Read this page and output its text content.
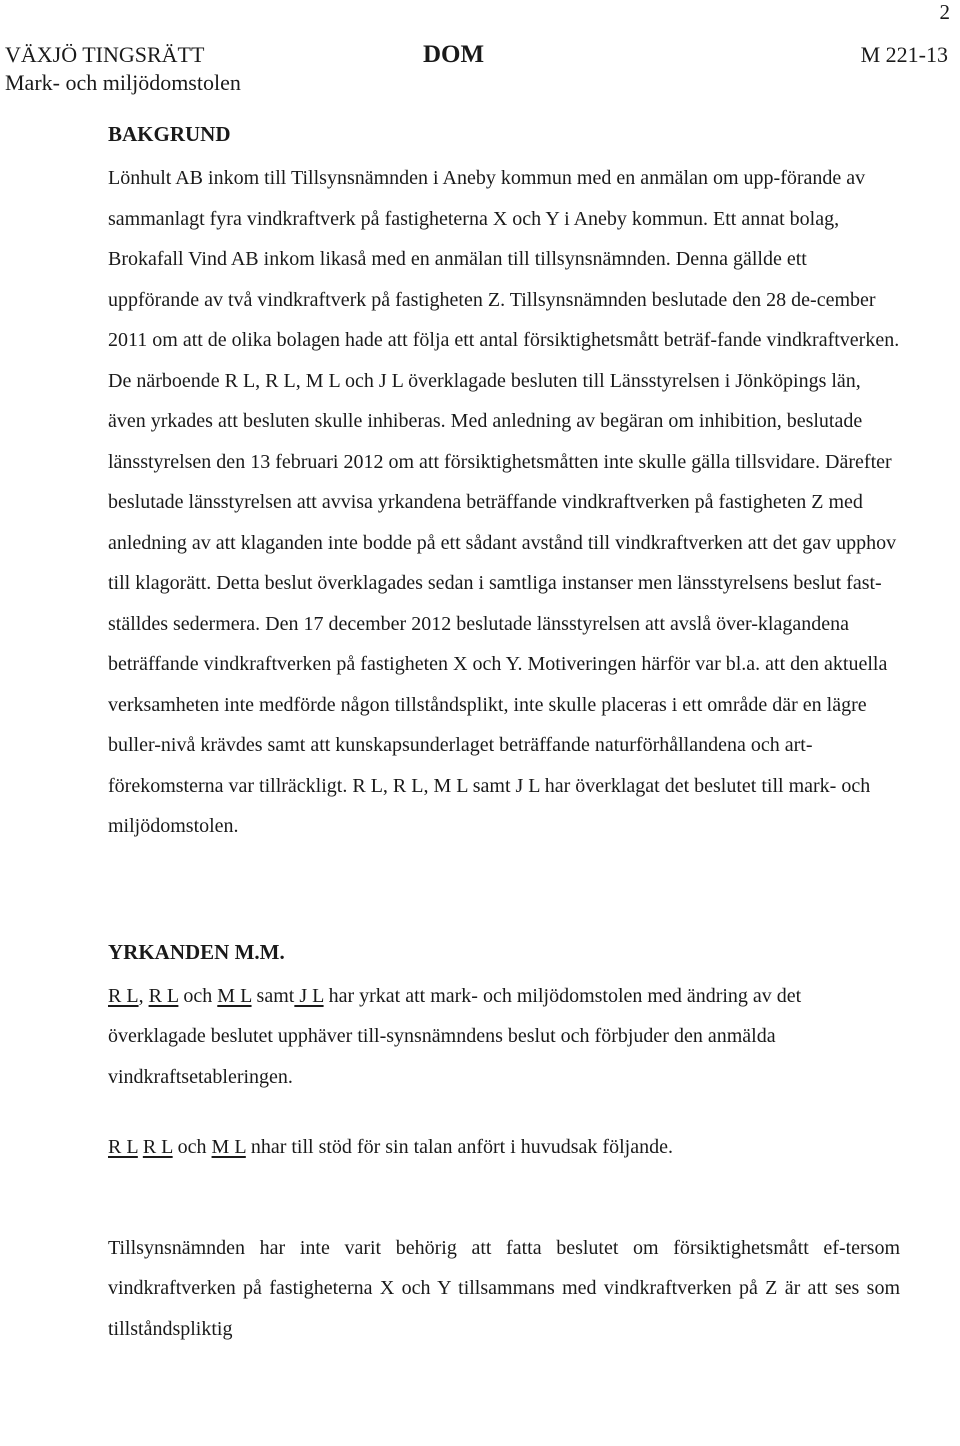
2
VÄXJÖ TINGSRÄTT
Mark- och miljödomstolen
DOM	M 221-13
BAKGRUND

Lönhult AB inkom till Tillsynsnämnden i Aneby kommun med en anmälan om upp-förande av sammanlagt fyra vindkraftverk på fastigheterna X och Y i Aneby kommun. Ett annat bolag, Brokafall Vind AB inkom likaså med en anmälan till tillsynsnämnden. Denna gällde ett uppförande av två vindkraftverk på fastigheten Z. Tillsynsnämnden beslutade den 28 de-cember 2011 om att de olika bolagen hade att följa ett antal försiktighetsmått beträf-fande vindkraftverken. De närboende R L, R L, M L och J L överklagade besluten till Länsstyrelsen i Jönköpings län, även yrkades att besluten skulle inhiberas. Med anledning av begäran om inhibition, beslutade länsstyrelsen den 13 februari 2012 om att försiktighetsmåtten inte skulle gälla tillsvidare. Därefter beslutade länsstyrelsen att avvisa yrkandena beträffande vindkraftverken på fastigheten Z med anledning av att klaganden inte bodde på ett sådant avstånd till vindkraftverken att det gav upphov till klagorätt. Detta beslut överklagades sedan i samtliga instanser men länsstyrelsens beslut fast-ställdes sedermera. Den 17 december 2012 beslutade länsstyrelsen att avslå över-klagandena beträffande vindkraftverken på fastigheten X och Y. Motiveringen härför var bl.a. att den aktuella verksamheten inte medförde någon tillståndsplikt, inte skulle placeras i ett område där en lägre buller-nivå krävdes samt att kunskapsunderlaget beträffande naturförhållandena och art-förekomsterna var tillräckligt. R L, R L, M L samt J L har överklagat det beslutet till mark- och miljödomstolen.

YRKANDEN M.M.

R L, R L och M L samt J L har yrkat att mark- och miljödomstolen med ändring av det överklagade beslutet upphäver till-synsnämndens beslut och förbjuder den anmälda vindkraftsetableringen.

R L R L och M L nhar till stöd för sin talan anfört i huvudsak följande.

Tillsynsnämnden har inte varit behörig att fatta beslutet om försiktighetsmått ef-tersom vindkraftverken på fastigheterna X och Y tillsammans med vindkraftverken på Z är att ses som tillståndspliktig
